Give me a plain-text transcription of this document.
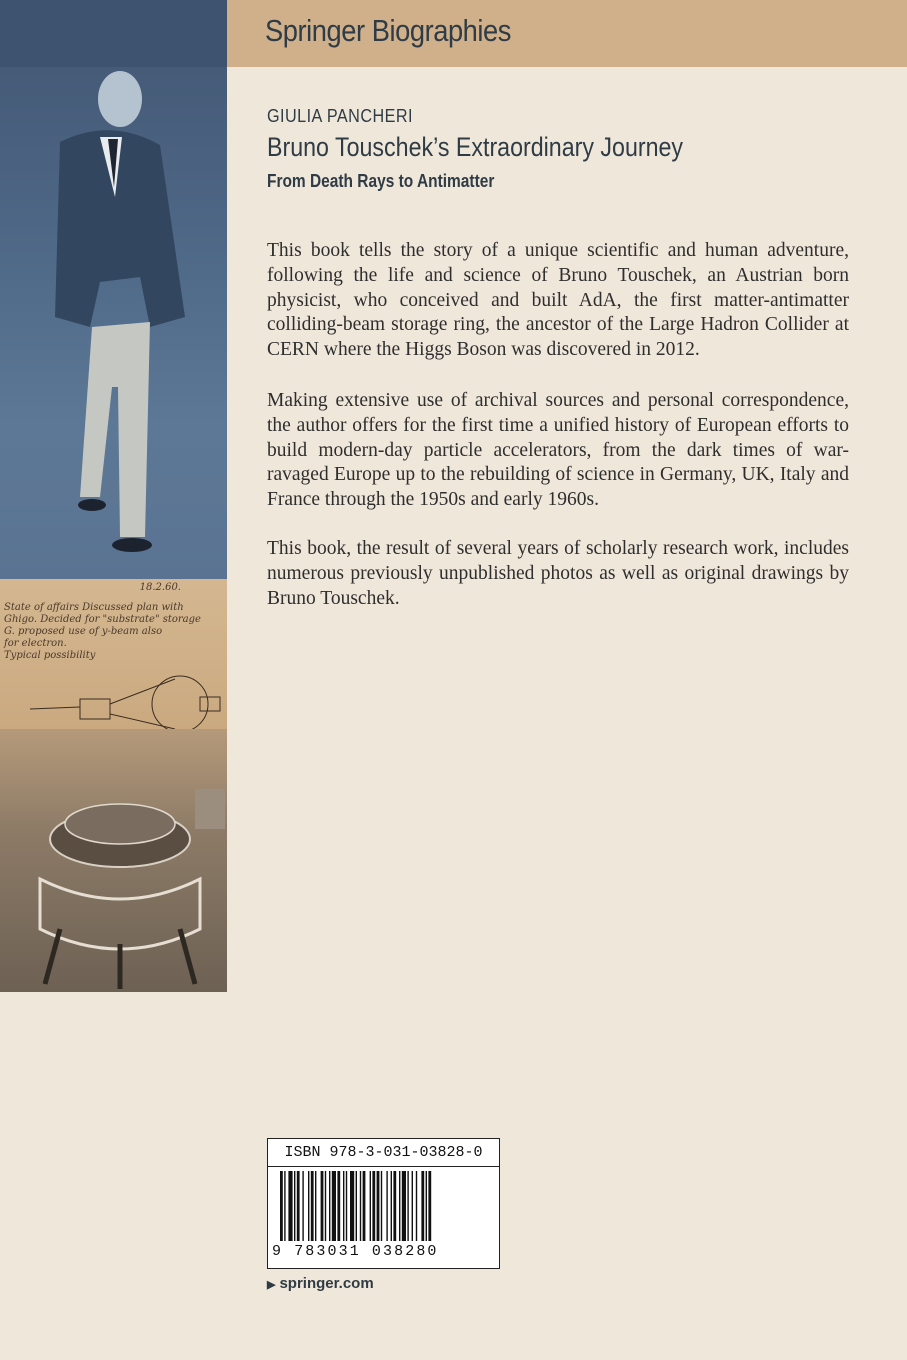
18.2.60.
State of affairs Discussed plan with
Ghigo. Decided for "substrate" storage
G. proposed use of y-beam also
for electron.
Typical possibility
Springer Biographies
GIULIA PANCHERI
Bruno Touschek’s Extraordinary Journey
From Death Rays to Antimatter

This book tells the story of a unique scientific and human adventure, following the life and science of Bruno Touschek, an Austrian born physicist, who conceived and built AdA, the first matter-antimatter colliding-beam storage ring, the ancestor of the Large Hadron Collider at CERN where the Higgs Boson was discovered in 2012.

Making extensive use of archival sources and personal correspondence, the author offers for the first time a unified history of European efforts to build modern-day particle accelerators, from the dark times of war-ravaged Europe up to the rebuilding of science in Germany, UK, Italy and France through the 1950s and early 1960s.

This book, the result of several years of scholarly research work, includes numerous previously unpublished photos as well as original drawings by Bruno Touschek.

ISBN 978-3-031-03828-0
9 783031 038280
▶ springer.com
